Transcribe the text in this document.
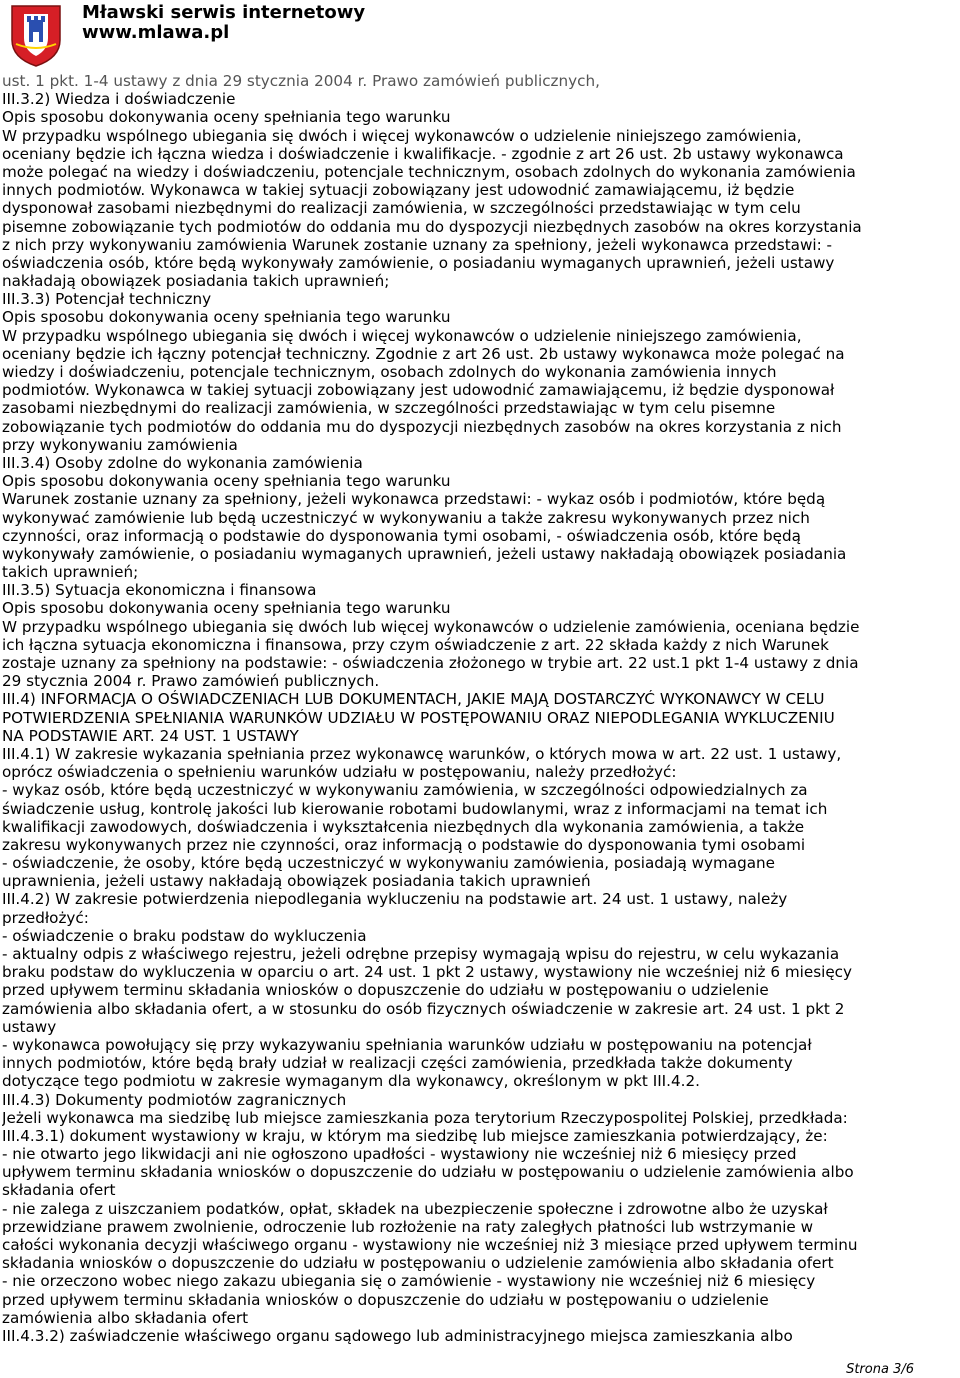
Mławski serwis internetowy
www.mlawa.pl
ust. 1 pkt. 1-4 ustawy z dnia 29 stycznia 2004 r. Prawo zamówień publicznych,
III.3.2) Wiedza i doświadczenie
Opis sposobu dokonywania oceny spełniania tego warunku
W przypadku wspólnego ubiegania się dwóch i więcej wykonawców o udzielenie niniejszego zamówienia,
oceniany będzie ich łączna wiedza i doświadczenie i kwalifikacje. - zgodnie z art 26 ust. 2b ustawy wykonawca
może polegać na wiedzy i doświadczeniu, potencjale technicznym, osobach zdolnych do wykonania zamówienia
innych podmiotów. Wykonawca w takiej sytuacji zobowiązany jest udowodnić zamawiającemu, iż będzie
dysponował zasobami niezbędnymi do realizacji zamówienia, w szczególności przedstawiając w tym celu
pisemne zobowiązanie tych podmiotów do oddania mu do dyspozycji niezbędnych zasobów na okres korzystania
z nich przy wykonywaniu zamówienia Warunek zostanie uznany za spełniony, jeżeli wykonawca przedstawi: -
oświadczenia osób, które będą wykonywały zamówienie, o posiadaniu wymaganych uprawnień, jeżeli ustawy
nakładają obowiązek posiadania takich uprawnień;
III.3.3) Potencjał techniczny
Opis sposobu dokonywania oceny spełniania tego warunku
W przypadku wspólnego ubiegania się dwóch i więcej wykonawców o udzielenie niniejszego zamówienia,
oceniany będzie ich łączny potencjał techniczny. Zgodnie z art 26 ust. 2b ustawy wykonawca może polegać na
wiedzy i doświadczeniu, potencjale technicznym, osobach zdolnych do wykonania zamówienia innych
podmiotów. Wykonawca w takiej sytuacji zobowiązany jest udowodnić zamawiającemu, iż będzie dysponował
zasobami niezbędnymi do realizacji zamówienia, w szczególności przedstawiając w tym celu pisemne
zobowiązanie tych podmiotów do oddania mu do dyspozycji niezbędnych zasobów na okres korzystania z nich
przy wykonywaniu zamówienia
III.3.4) Osoby zdolne do wykonania zamówienia
Opis sposobu dokonywania oceny spełniania tego warunku
Warunek zostanie uznany za spełniony, jeżeli wykonawca przedstawi: - wykaz osób i podmiotów, które będą
wykonywać zamówienie lub będą uczestniczyć w wykonywaniu a także zakresu wykonywanych przez nich
czynności, oraz informacją o podstawie do dysponowania tymi osobami, - oświadczenia osób, które będą
wykonywały zamówienie, o posiadaniu wymaganych uprawnień, jeżeli ustawy nakładają obowiązek posiadania
takich uprawnień;
III.3.5) Sytuacja ekonomiczna i finansowa
Opis sposobu dokonywania oceny spełniania tego warunku
W przypadku wspólnego ubiegania się dwóch lub więcej wykonawców o udzielenie zamówienia, oceniana będzie
ich łączna sytuacja ekonomiczna i finansowa, przy czym oświadczenie z art. 22 składa każdy z nich Warunek
zostaje uznany za spełniony na podstawie: - oświadczenia złożonego w trybie art. 22 ust.1 pkt 1-4 ustawy z dnia
29 stycznia 2004 r. Prawo zamówień publicznych.
III.4) INFORMACJA O OŚWIADCZENIACH LUB DOKUMENTACH, JAKIE MAJĄ DOSTARCZYĆ WYKONAWCY W CELU
POTWIERDZENIA SPEŁNIANIA WARUNKÓW UDZIAŁU W POSTĘPOWANIU ORAZ NIEPODLEGANIA WYKLUCZENIU
NA PODSTAWIE ART. 24 UST. 1 USTAWY
III.4.1) W zakresie wykazania spełniania przez wykonawcę warunków, o których mowa w art. 22 ust. 1 ustawy,
oprócz oświadczenia o spełnieniu warunków udziału w postępowaniu, należy przedłożyć:
- wykaz osób, które będą uczestniczyć w wykonywaniu zamówienia, w szczególności odpowiedzialnych za
świadczenie usług, kontrolę jakości lub kierowanie robotami budowlanymi, wraz z informacjami na temat ich
kwalifikacji zawodowych, doświadczenia i wykształcenia niezbędnych dla wykonania zamówienia, a także
zakresu wykonywanych przez nie czynności, oraz informacją o podstawie do dysponowania tymi osobami
- oświadczenie, że osoby, które będą uczestniczyć w wykonywaniu zamówienia, posiadają wymagane
uprawnienia, jeżeli ustawy nakładają obowiązek posiadania takich uprawnień
III.4.2) W zakresie potwierdzenia niepodlegania wykluczeniu na podstawie art. 24 ust. 1 ustawy, należy
przedłożyć:
- oświadczenie o braku podstaw do wykluczenia
- aktualny odpis z właściwego rejestru, jeżeli odrębne przepisy wymagają wpisu do rejestru, w celu wykazania
braku podstaw do wykluczenia w oparciu o art. 24 ust. 1 pkt 2 ustawy, wystawiony nie wcześniej niż 6 miesięcy
przed upływem terminu składania wniosków o dopuszczenie do udziału w postępowaniu o udzielenie
zamówienia albo składania ofert, a w stosunku do osób fizycznych oświadczenie w zakresie art. 24 ust. 1 pkt 2
ustawy
- wykonawca powołujący się przy wykazywaniu spełniania warunków udziału w postępowaniu na potencjał
innych podmiotów, które będą brały udział w realizacji części zamówienia, przedkłada także dokumenty
dotyczące tego podmiotu w zakresie wymaganym dla wykonawcy, określonym w pkt III.4.2.
III.4.3) Dokumenty podmiotów zagranicznych
Jeżeli wykonawca ma siedzibę lub miejsce zamieszkania poza terytorium Rzeczypospolitej Polskiej, przedkłada:
III.4.3.1) dokument wystawiony w kraju, w którym ma siedzibę lub miejsce zamieszkania potwierdzający, że:
- nie otwarto jego likwidacji ani nie ogłoszono upadłości - wystawiony nie wcześniej niż 6 miesięcy przed
upływem terminu składania wniosków o dopuszczenie do udziału w postępowaniu o udzielenie zamówienia albo
składania ofert
- nie zalega z uiszczaniem podatków, opłat, składek na ubezpieczenie społeczne i zdrowotne albo że uzyskał
przewidziane prawem zwolnienie, odroczenie lub rozłożenie na raty zaległych płatności lub wstrzymanie w
całości wykonania decyzji właściwego organu - wystawiony nie wcześniej niż 3 miesiące przed upływem terminu
składania wniosków o dopuszczenie do udziału w postępowaniu o udzielenie zamówienia albo składania ofert
- nie orzeczono wobec niego zakazu ubiegania się o zamówienie - wystawiony nie wcześniej niż 6 miesięcy
przed upływem terminu składania wniosków o dopuszczenie do udziału w postępowaniu o udzielenie
zamówienia albo składania ofert
III.4.3.2) zaświadczenie właściwego organu sądowego lub administracyjnego miejsca zamieszkania albo
Strona 3/6
